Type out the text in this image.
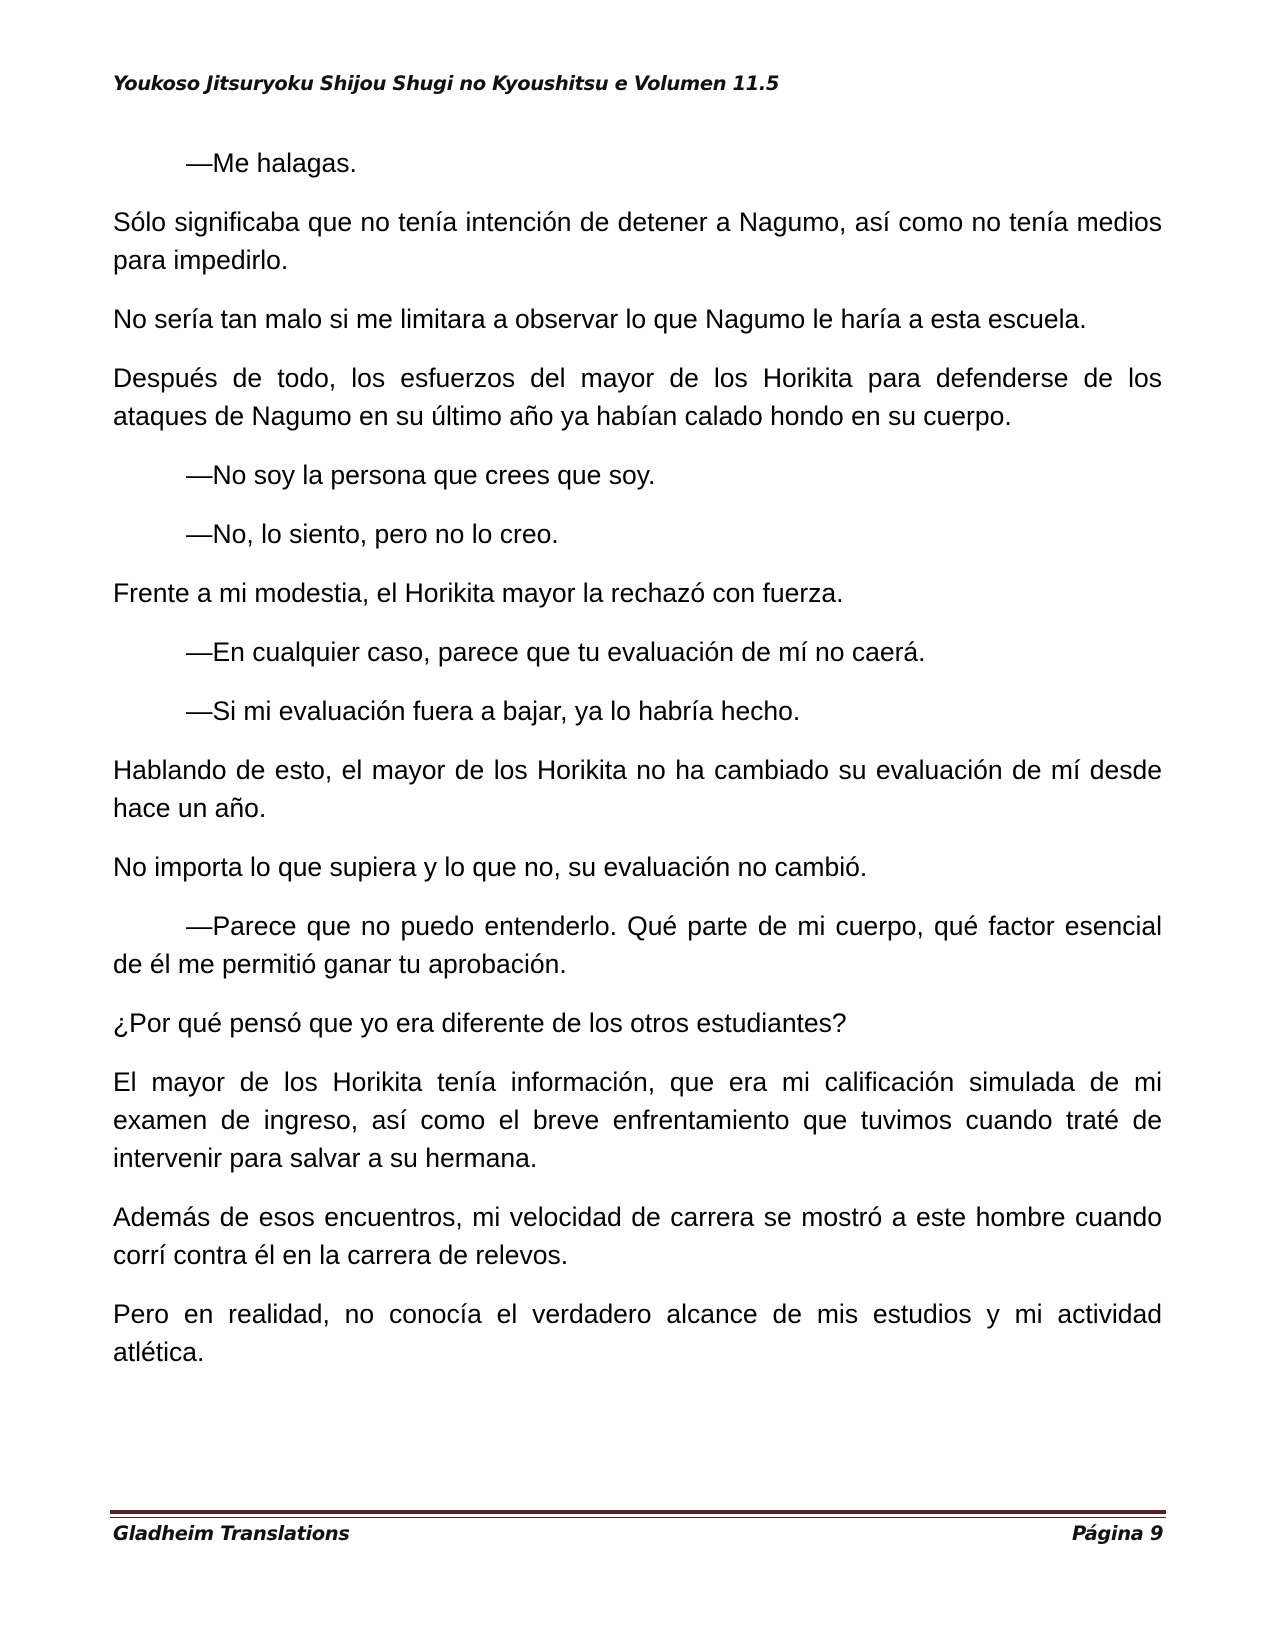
Youkoso Jitsuryoku Shijou Shugi no Kyoushitsu e Volumen 11.5

—Me halagas.

Sólo significaba que no tenía intención de detener a Nagumo, así como no tenía medios para impedirlo.

No sería tan malo si me limitara a observar lo que Nagumo le haría a esta escuela.

Después de todo, los esfuerzos del mayor de los Horikita para defenderse de los ataques de Nagumo en su último año ya habían calado hondo en su cuerpo.

—No soy la persona que crees que soy.

—No, lo siento, pero no lo creo.

Frente a mi modestia, el Horikita mayor la rechazó con fuerza.

—En cualquier caso, parece que tu evaluación de mí no caerá.

—Si mi evaluación fuera a bajar, ya lo habría hecho.

Hablando de esto, el mayor de los Horikita no ha cambiado su evaluación de mí desde hace un año.

No importa lo que supiera y lo que no, su evaluación no cambió.

—Parece que no puedo entenderlo. Qué parte de mi cuerpo, qué factor esencial de él me permitió ganar tu aprobación.

¿Por qué pensó que yo era diferente de los otros estudiantes?

El mayor de los Horikita tenía información, que era mi calificación simulada de mi examen de ingreso, así como el breve enfrentamiento que tuvimos cuando traté de intervenir para salvar a su hermana.

Además de esos encuentros, mi velocidad de carrera se mostró a este hombre cuando corrí contra él en la carrera de relevos.

Pero en realidad, no conocía el verdadero alcance de mis estudios y mi actividad atlética.

Gladheim Translations	Página 9
